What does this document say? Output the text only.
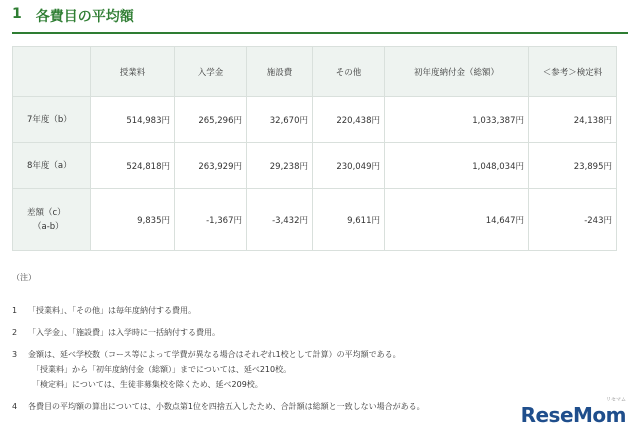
1 各費目の平均額
	授業料	入学金	施設費	その他	初年度納付金（総額）	＜参考＞検定料
7年度（b）	514,983円	265,296円	32,670円	220,438円	1,033,387円	24,138円
8年度（a）	524,818円	263,929円	29,238円	230,049円	1,048,034円	23,895円
差額（c）
（a-b）	9,835円	-1,367円	-3,432円	9,611円	14,647円	-243円
（注）
1	「授業料」、「その他」は毎年度納付する費用。
2	「入学金」、「施設費」は入学時に一括納付する費用。
3	金額は、延べ学校数（コース等によって学費が異なる場合はそれぞれ1校として計算）の平均額である。
「授業料」から「初年度納付金（総額）」までについては、延べ210校。
「検定料」については、生徒非募集校を除くため、延べ209校。
4	各費目の平均額の算出については、小数点第1位を四捨五入したため、合計額は総額と一致しない場合がある。
リセマム
ReseMom
